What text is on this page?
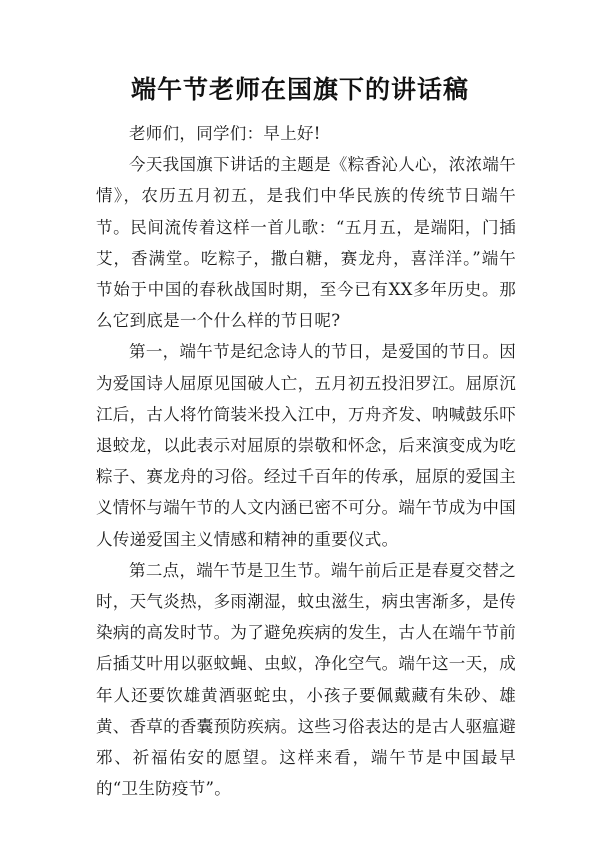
端午节老师在国旗下的讲话稿

老师们，同学们：早上好!

今天我国旗下讲话的主题是《粽香沁人心，浓浓端午情》，农历五月初五，是我们中华民族的传统节日端午节。民间流传着这样一首儿歌：“五月五，是端阳，门插艾，香满堂。吃粽子，撒白糖，赛龙舟，喜洋洋。”端午节始于中国的春秋战国时期，至今已有XX多年历史。那么它到底是一个什么样的节日呢?

第一，端午节是纪念诗人的节日，是爱国的节日。因为爱国诗人屈原见国破人亡，五月初五投汨罗江。屈原沉江后，古人将竹筒装米投入江中，万舟齐发、呐喊鼓乐吓退蛟龙，以此表示对屈原的崇敬和怀念，后来演变成为吃粽子、赛龙舟的习俗。经过千百年的传承，屈原的爱国主义情怀与端午节的人文内涵已密不可分。端午节成为中国人传递爱国主义情感和精神的重要仪式。

第二点，端午节是卫生节。端午前后正是春夏交替之时，天气炎热，多雨潮湿，蚊虫滋生，病虫害渐多，是传染病的高发时节。为了避免疾病的发生，古人在端午节前后插艾叶用以驱蚊蝇、虫蚁，净化空气。端午这一天，成年人还要饮雄黄酒驱蛇虫，小孩子要佩戴藏有朱砂、雄黄、香草的香囊预防疾病。这些习俗表达的是古人驱瘟避邪、祈福佑安的愿望。这样来看，端午节是中国最早的“卫生防疫节”。
